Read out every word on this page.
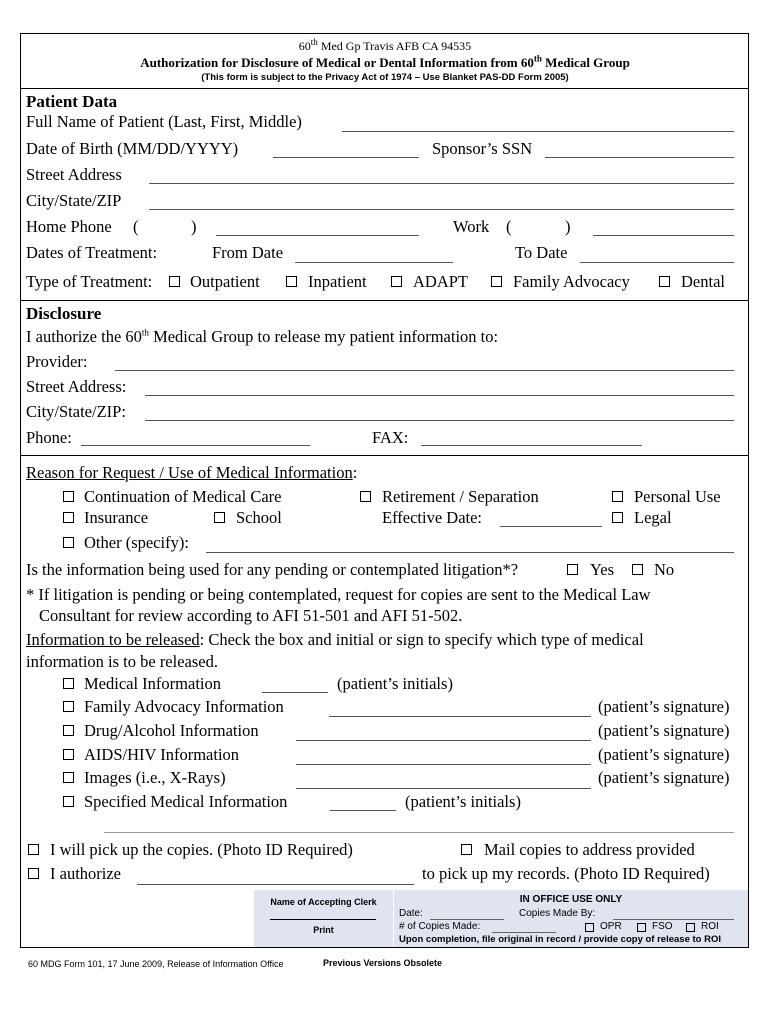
60th Med Gp Travis AFB CA 94535
Authorization for Disclosure of Medical or Dental Information from 60th Medical Group
(This form is subject to the Privacy Act of 1974 – Use Blanket PAS-DD Form 2005)
Patient Data
Full Name of Patient (Last, First, Middle)
Date of Birth (MM/DD/YYYY)	Sponsor’s SSN
Street Address
City/State/ZIP
Home Phone (	)	Work (	)
Dates of Treatment:	From Date	To Date
Type of Treatment: Outpatient	Inpatient	ADAPT	Family Advocacy	Dental
Disclosure
I authorize the 60th Medical Group to release my patient information to:
Provider:
Street Address:
City/State/ZIP:
Phone:	FAX:
Reason for Request / Use of Medical Information:
Continuation of Medical Care	Retirement / Separation	Personal Use
Insurance	School	Effective Date:	Legal
Other (specify):
Is the information being used for any pending or contemplated litigation*?	Yes No
* If litigation is pending or being contemplated, request for copies are sent to the Medical Law
Consultant for review according to AFI 51-501 and AFI 51-502.
Information to be released: Check the box and initial or sign to specify which type of medical
information is to be released.
Medical Information	(patient’s initials)
Family Advocacy Information	(patient’s signature)
Drug/Alcohol Information	(patient’s signature)
AIDS/HIV Information	(patient’s signature)
Images (i.e., X-Rays)	(patient’s signature)
Specified Medical Information	(patient’s initials)
I will pick up the copies. (Photo ID Required)	Mail copies to address provided
I authorize	to pick up my records. (Photo ID Required)
Name of Accepting Clerk
Print
IN OFFICE USE ONLY
Date:	Copies Made By:
# of Copies Made:	OPR	FSO	ROI
Upon completion, file original in record / provide copy of release to ROI
60 MDG Form 101, 17 June 2009, Release of Information Office	Previous Versions Obsolete
